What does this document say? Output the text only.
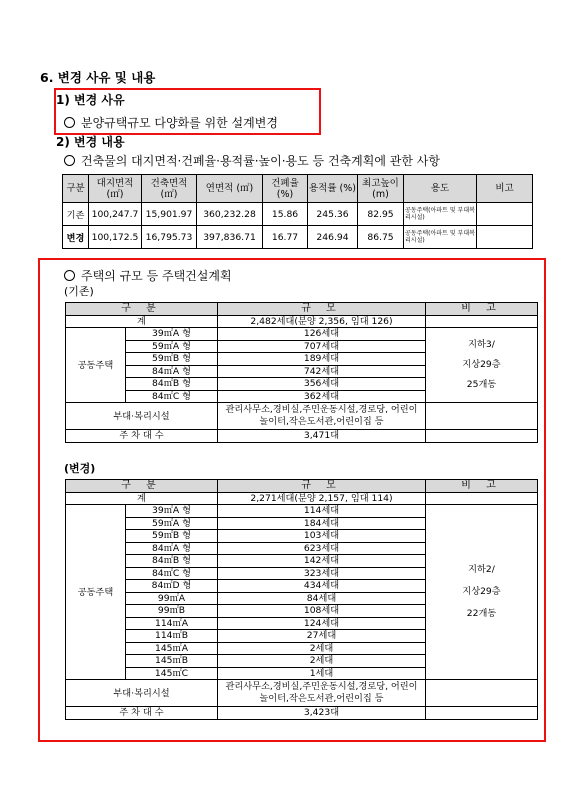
6. 변경 사유 및 내용
1) 변경 사유
분양규택규모 다양화를 위한 설계변경
2) 변경 내용
건축물의 대지면적·건폐율·용적률·높이·용도 등 건축계획에 관한 사항
구분	대지면적 (㎡)	건축면적 (㎡)	연면적 (㎡)	건폐율 (%)	용적률 (%)	최고높이 (m)	용도	비고
기존	100,247.7	15,901.97	360,232.28	15.86	245.36	82.95	공동주택(아파트 및 부대복리시설)	
변경	100,172.5	16,795.73	397,836.71	16.77	246.94	86.75	공동주택(아파트 및 부대복리시설)	
주택의 규모 등 주택건설계획
(기존)
구 분		규 모	비 고
계		2,482세대(분양 2,356, 임대 126)	
공동주택	39㎡A 형	126세대	지하3/
지상29층
25개동

	59㎡A 형	707세대	
	59㎡B 형	189세대	
	84㎡A 형	742세대	
	84㎡B 형	356세대	
	84㎡C 형	362세대	
부대·복리시설		관리사무소,경비실,주민운동시설,경로당, 어린이놀이터,작은도서관,어린이집 등	
주 차 대 수		3,471대	
(변경)
구 분		규 모	비 고
계		2,271세대(분양 2,157, 임대 114)	
공동주택	39㎡A 형	114세대	지하2/
지상29층
22개동

	59㎡A 형	184세대	
	59㎡B 형	103세대	
	84㎡A 형	623세대	
	84㎡B 형	142세대	
	84㎡C 형	323세대	
	84㎡D 형	434세대	
	99㎡A	84세대	
	99㎡B	108세대	
	114㎡A	124세대	
	114㎡B	27세대	
	145㎡A	2세대	
	145㎡B	2세대	
	145㎡C	1세대	
부대·복리시설		관리사무소,경비실,주민운동시설,경로당, 어린이놀이터,작은도서관,어린이집 등	
주 차 대 수		3,423대	
